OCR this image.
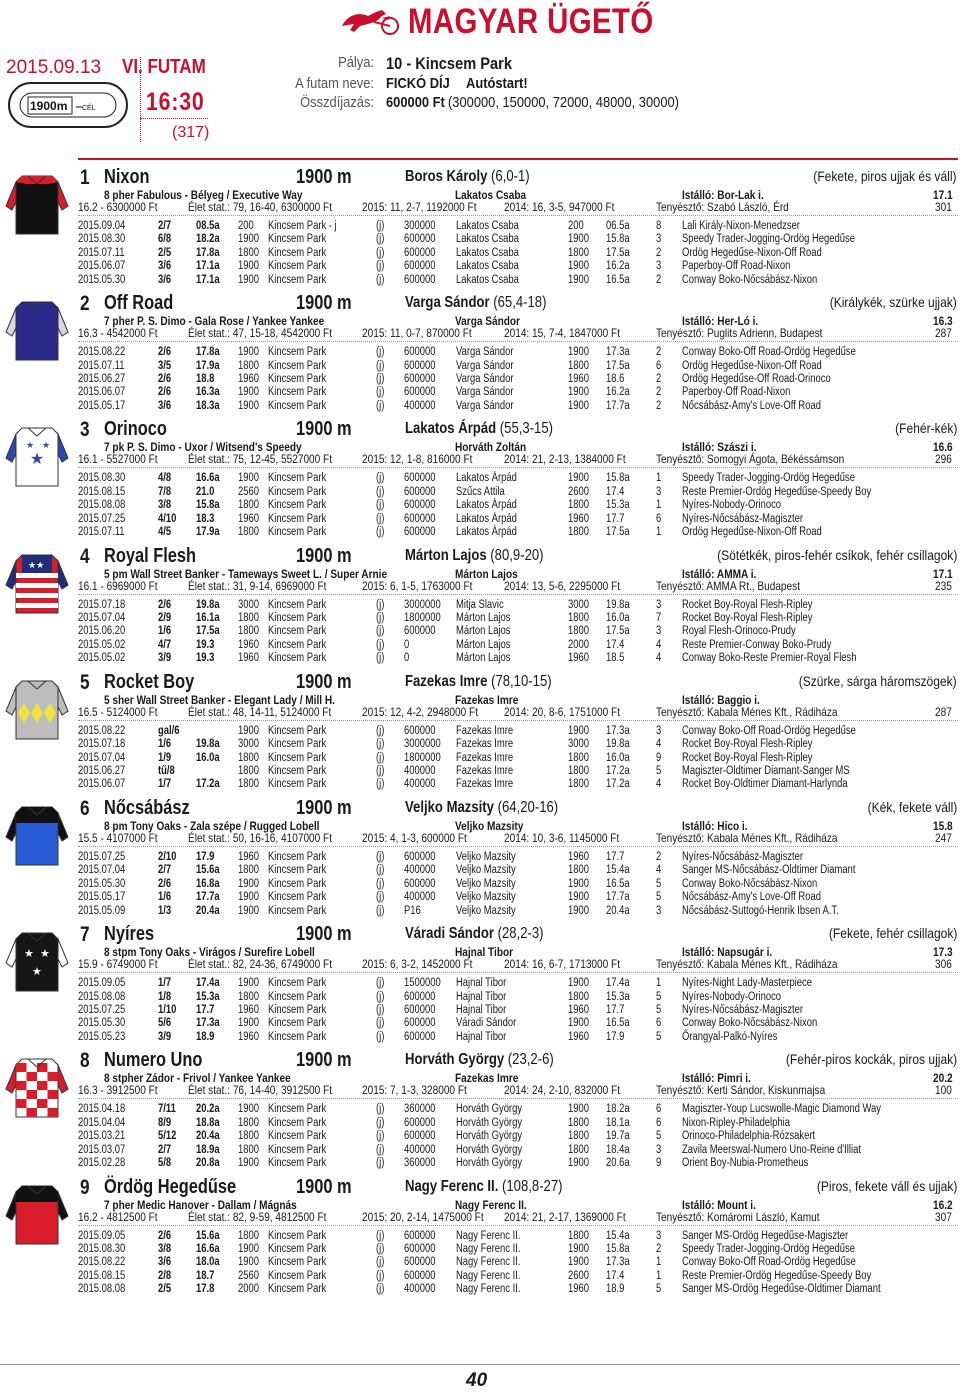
MAGYAR ÜGETŐ
2015.09.13 VI. FUTAM
16:30
(317)
1900m CÉL
Pálya: 10 - Kincsem Park
A futam neve: FICKÓ DÍJ Autóstart!
Összdíjazás: 600000 Ft (300000, 150000, 72000, 48000, 30000)
1 Nixon	1900 m	Boros Károly (6,0-1)	(Fekete, piros ujjak és váll)
8 pher Fabulous - Bélyeg / Executive Way	Lakatos Csaba	Istálló: Bor-Lak i.	17.1
16.2 - 6300000 Ft	Élet stat.: 79, 16-40, 6300000 Ft 2015: 11, 2-7, 1192000 Ft 2014: 16, 3-5, 947000 Ft	Tenyésztő: Szabó László, Érd	301
2015.09.04	2/7 08.5a 200 Kincsem Park - j	(j) 300000 Lakatos Csaba	200 06.5a 8 Lali Király-Nixon-Menedzser
2015.08.30	6/8 18.2a 1900 Kincsem Park	(j) 600000 Lakatos Csaba	1900 15.8a 3 Speedy Trader-Jogging-Ördög Hegedűse
2015.07.11	2/5 17.8a 1800 Kincsem Park	(j) 600000 Lakatos Csaba	1800 17.5a 2 Ördög Hegedűse-Nixon-Off Road
2015.06.07	3/6 17.1a 1900 Kincsem Park	(j) 600000 Lakatos Csaba	1900 16.2a 3 Paperboy-Off Road-Nixon
2015.05.30	3/6 17.1a 1900 Kincsem Park	(j) 600000 Lakatos Csaba	1900 16.5a 2 Conway Boko-Nőcsábász-Nixon
2 Off Road	1900 m	Varga Sándor (65,4-18)	(Királykék, szürke ujjak)
7 pher P. S. Dimo - Gala Rose / Yankee Yankee	Varga Sándor	Istálló: Her-Ló i.	16.3
16.3 - 4542000 Ft	Élet stat.: 47, 15-18, 4542000 Ft 2015: 11, 0-7, 870000 Ft	2014: 15, 7-4, 1847000 Ft	Tenyésztő: Puglits Adrienn, Budapest	287
2015.08.22	2/6 17.8a 1900 Kincsem Park	(j) 600000 Varga Sándor	1900 17.3a 2 Conway Boko-Off Road-Ördög Hegedűse
2015.07.11	3/5 17.9a 1800 Kincsem Park	(j) 600000 Varga Sándor	1800 17.5a 6 Ördög Hegedűse-Nixon-Off Road
2015.06.27	2/6 18.8 1960 Kincsem Park	(j) 600000 Varga Sándor	1960 18.6	2 Ördög Hegedűse-Off Road-Orinoco
2015.06.07	2/6 16.3a 1900 Kincsem Park	(j) 600000 Varga Sándor	1900 16.2a 2 Paperboy-Off Road-Nixon
2015.05.17	3/6 18.3a 1900 Kincsem Park	(j) 400000 Varga Sándor	1900 17.7a 2 Nőcsábász-Amy's Love-Off Road
★
★ ★
3 Orinoco	1900 m	Lakatos Árpád (55,3-15)	(Fehér-kék)
7 pk P. S. Dimo - Uxor / Witsend's Speedy	Horváth Zoltán	Istálló: Szászi i.	16.6
16.1 - 5527000 Ft	Élet stat.: 75, 12-45, 5527000 Ft 2015: 12, 1-8, 816000 Ft	2014: 21, 2-13, 1384000 Ft	Tenyésztő: Somogyi Ágota, Békéssámson	296
2015.08.30	4/8 16.6a 1900 Kincsem Park	(j) 600000 Lakatos Árpád	1900 15.8a 1 Speedy Trader-Jogging-Ördög Hegedűse
2015.08.15	7/8 21.0 2560 Kincsem Park	(j) 600000 Szűcs Attila	2600 17.4	3 Reste Premier-Ördög Hegedűse-Speedy Boy
2015.08.08	3/8 15.8a 1800 Kincsem Park	(j) 600000 Lakatos Árpád	1800 15.3a 1 Nyíres-Nobody-Orinoco
2015.07.25	4/10 18.3 1960 Kincsem Park	(j) 600000 Lakatos Árpád	1960 17.7	6 Nyíres-Nőcsábász-Magiszter
2015.07.11	4/5 17.9a 1800 Kincsem Park	(j) 600000 Lakatos Árpád	1800 17.5a 1 Ördög Hegedűse-Nixon-Off Road
★★ 4 Royal Flesh	1900 m	Márton Lajos (80,9-20)	(Sötétkék, piros-fehér csíkok, fehér csillagok)
5 pm Wall Street Banker - Tameways Sweet L. / Super Arnie	Márton Lajos	Istálló: AMMA i.	17.1
16.1 - 6969000 Ft	Élet stat.: 31, 9-14, 6969000 Ft	2015: 6, 1-5, 1763000 Ft	2014: 13, 5-6, 2295000 Ft	Tenyésztő: AMMA Rt., Budapest	235
2015.07.18	2/6 19.8a 3000 Kincsem Park	(j) 3000000 Mitja Slavic	3000 19.8a 3 Rocket Boy-Royal Flesh-Ripley
2015.07.04	2/9 16.1a 1800 Kincsem Park	(j) 1800000 Márton Lajos	1800 16.0a 7 Rocket Boy-Royal Flesh-Ripley
2015.06.20	1/6 17.5a 1800 Kincsem Park	(j) 600000 Márton Lajos	1800 17.5a 3 Royal Flesh-Orinoco-Prudy
2015.05.02	4/7 19.3 1960 Kincsem Park	(j) 0	Márton Lajos	2000 17.4	4 Reste Premier-Conway Boko-Prudy
2015.05.02	3/9 19.3 1960 Kincsem Park	(j) 0	Márton Lajos	1960 18.5	4 Conway Boko-Reste Premier-Royal Flesh
5 Rocket Boy	1900 m	Fazekas Imre (78,10-15)	(Szürke, sárga háromszögek)
5 sher Wall Street Banker - Elegant Lady / Mill H.	Fazekas Imre	Istálló: Baggio i.
16.5 - 5124000 Ft	Élet stat.: 48, 14-11, 5124000 Ft	2015: 12, 4-2, 2948000 Ft 2014: 20, 8-6, 1751000 Ft	Tenyésztő: Kabala Ménes Kft., Rádiháza	287
2015.08.22	gal/6	1900 Kincsem Park	(j) 600000 Fazekas Imre	1900 17.3a 3 Conway Boko-Off Road-Ördög Hegedűse
2015.07.18	1/6 19.8a 3000 Kincsem Park	(j) 3000000 Fazekas Imre	3000 19.8a 4 Rocket Boy-Royal Flesh-Ripley
2015.07.04	1/9 16.0a 1800 Kincsem Park	(j) 1800000 Fazekas Imre	1800 16.0a 9 Rocket Boy-Royal Flesh-Ripley
2015.06.27	tű/8	1800 Kincsem Park	(j) 400000 Fazekas Imre	1800 17.2a 5 Magiszter-Oldtimer Diamant-Sanger MS
2015.06.07	1/7 17.2a 1800 Kincsem Park	(j) 400000 Fazekas Imre	1800 17.2a 4 Rocket Boy-Oldtimer Diamant-Harlynda
6 Nőcsábász	1900 m	Veljko Mazsity (64,20-16)	(Kék, fekete váll)
8 pm Tony Oaks - Zala szépe / Rugged Lobell	Veljko Mazsity	Istálló: Hico i.	15.8
15.5 - 4107000 Ft	Élet stat.: 50, 16-16, 4107000 Ft 2015: 4, 1-3, 600000 Ft	2014: 10, 3-6, 1145000 Ft	Tenyésztő: Kabala Ménes Kft., Rádiháza	247
2015.07.25	2/10 17.9 1960 Kincsem Park	(j) 600000 Veljko Mazsity	1960 17.7	2 Nyíres-Nőcsábász-Magiszter
2015.07.04	2/7 15.6a 1800 Kincsem Park	(j) 400000 Veljko Mazsity	1800 15.4a 4 Sanger MS-Nőcsábász-Oldtimer Diamant
2015.05.30	2/6 16.8a 1900 Kincsem Park	(j) 600000 Veljko Mazsity	1900 16.5a 5 Conway Boko-Nőcsábász-Nixon
2015.05.17	1/6 17.7a 1900 Kincsem Park	(j) 400000 Veljko Mazsity	1900 17.7a 5 Nőcsábász-Amy's Love-Off Road
2015.05.09	1/3 20.4a 1900 Kincsem Park	(j) P16	Veljko Mazsity	1900 20.4a 3 Nőcsábász-Suttogó-Henrik Ibsen A.T.
★ ★
★
7 Nyíres	1900 m	Váradi Sándor (28,2-3)	(Fekete, fehér csillagok)
8 stpm Tony Oaks - Virágos / Surefire Lobell	Hajnal Tibor	Istálló: Napsugár i.	17.3
15.9 - 6749000 Ft	Élet stat.: 82, 24-36, 6749000 Ft 2015: 6, 3-2, 1452000 Ft	2014: 16, 6-7, 1713000 Ft	Tenyésztő: Kabala Ménes Kft., Rádiháza	306
2015.09.05	1/7 17.4a 1900 Kincsem Park	(j) 1500000 Hajnal Tibor	1900 17.4a 1 Nyíres-Night Lady-Masterpiece
2015.08.08	1/8 15.3a 1800 Kincsem Park	(j) 600000 Hajnal Tibor	1800 15.3a 5 Nyíres-Nobody-Orinoco
2015.07.25	1/10 17.7 1960 Kincsem Park	(j) 600000 Hajnal Tibor	1960 17.7	5 Nyíres-Nőcsábász-Magiszter
2015.05.30	5/6 17.3a 1900 Kincsem Park	(j) 600000 Váradi Sándor	1900 16.5a 6 Conway Boko-Nőcsábász-Nixon
2015.05.23	3/9 18.9 1960 Kincsem Park	(j) 600000 Hajnal Tibor	1960 17.9	5 Őrangyal-Palkó-Nyíres
8 Numero Uno	1900 m	Horváth György (23,2-6)	(Fehér-piros kockák, piros ujjak)
8 stpher Zádor - Frivol / Yankee Yankee	Fazekas Imre	Istálló: Pimri i.	20.2
16.3 - 3912500 Ft	Élet stat.: 76, 14-40, 3912500 Ft 2015: 7, 1-3, 328000 Ft	2014: 24, 2-10, 832000 Ft	Tenyésztő: Kerti Sándor, Kiskunmajsa	100
2015.04.18	7/11 20.2a 1900 Kincsem Park	(j) 360000 Horváth György	1900 18.2a 6 Magiszter-Youp Lucswolle-Magic Diamond Way
2015.04.04	8/9 18.8a 1800 Kincsem Park	(j) 600000 Horváth György	1800 18.1a 6 Nixon-Ripley-Philadelphia
2015.03.21	5/12 20.4a 1800 Kincsem Park	(j) 600000 Horváth György	1800 19.7a 5 Orinoco-Philadelphia-Rózsakert
2015.03.07	2/7 18.9a 1800 Kincsem Park	(j) 400000 Horváth György	1800 18.4a 3 Zavila Meerswal-Numero Uno-Reine d'Illiat
2015.02.28	5/8 20.8a 1900 Kincsem Park	(j) 360000 Horváth György	1900 20.6a 9 Orient Boy-Nubia-Prometheus
9 Ördög Hegedűse	1900 m	Nagy Ferenc II. (108,8-27)	(Piros, fekete váll és ujjak)
7 pher Medic Hanover - Dallam / Mágnás	Nagy Ferenc II.	Istálló: Mount i.	16.2
16.2 - 4812500 Ft	Élet stat.: 82, 9-59, 4812500 Ft	2015: 20, 2-14, 1475000 Ft 2014: 21, 2-17, 1369000 Ft	Tenyésztő: Komáromi László, Kamut	307
2015.09.05	2/6 15.6a 1800 Kincsem Park	(j) 600000 Nagy Ferenc II.	1800 15.4a 3 Sanger MS-Ördög Hegedűse-Magiszter
2015.08.30	3/8 16.6a 1900 Kincsem Park	(j) 600000 Nagy Ferenc II.	1900 15.8a 2 Speedy Trader-Jogging-Ördög Hegedűse
2015.08.22	3/6 18.0a 1900 Kincsem Park	(j) 600000 Nagy Ferenc II.	1900 17.3a 1 Conway Boko-Off Road-Ördög Hegedűse
2015.08.15	2/8 18.7 2560 Kincsem Park	(j) 600000 Nagy Ferenc II.	2600 17.4	1 Reste Premier-Ördög Hegedűse-Speedy Boy
2015.08.08	2/5 17.8 2000 Kincsem Park	(j) 400000 Nagy Ferenc II.	1960 18.9	5 Sanger MS-Ördög Hegedűse-Oldtimer Diamant
40
